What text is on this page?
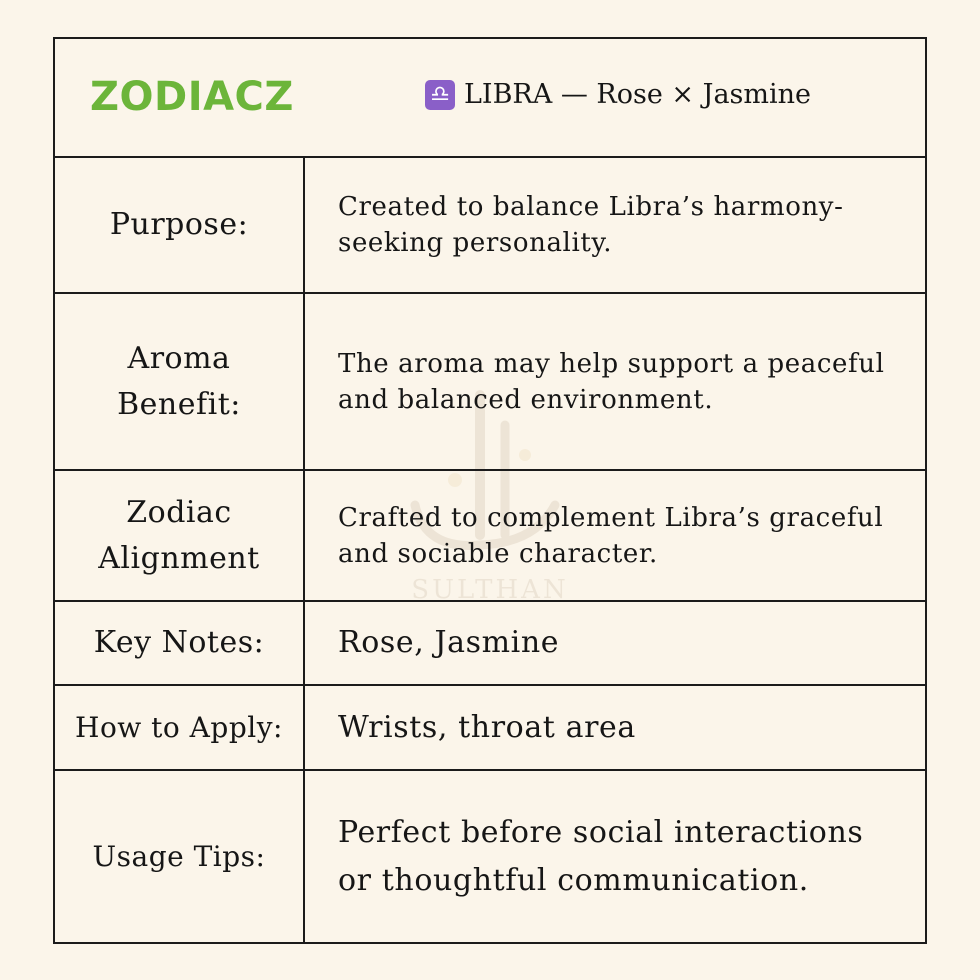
SULTHAN
ZODIACZ	♎ LIBRA — Rose × Jasmine
Purpose:	Created to balance Libra’s harmony-seeking personality.
Aroma Benefit:
The aroma may help support a peaceful and balanced environment.
Zodiac Alignment
Crafted to complement Libra’s graceful and sociable character.
Key Notes: Rose, Jasmine
How to Apply: Wrists, throat area
Usage Tips:
Perfect before social interactions or thoughtful communication.
